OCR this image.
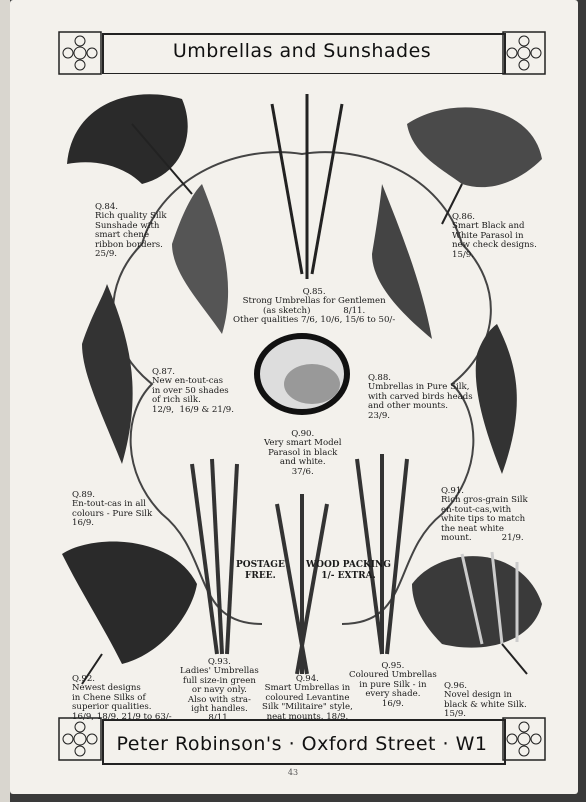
Umbrellas and Sunshades
Q.84.
Rich quality Silk
Sunshade with
smart chené
ribbon borders.
25/9.
Q.85.
Strong Umbrellas for Gentlemen
(as sketch)            8/11.
Other qualities 7/6, 10/6, 15/6 to 50/-
Q.86.
Smart Black and
White Parasol in
new check designs.
15/9.
Q.87.
New en-tout-cas
in over 50 shades
of rich silk.
12/9,  16/9 & 21/9.
Q.88.
Umbrellas in Pure Silk,
with carved birds heads
and other mounts.
23/9.
Q.89.
En-tout-cas in all
colours - Pure Silk
16/9.
Q.90.
Very smart Model
Parasol in black
and white.
37/6.
Q.91.
Rich gros-grain Silk
en-tout-cas,with
white tips to match
the neat white
mount.           21/9.
Q.92.
Newest designs
in Chene Silks of
superior qualities.
16/9, 18/9, 21/9 to 63/-
Q.93.
Ladies' Umbrellas
full size-in green
or navy only.
Also with stra-
ight handles.
8/11.
Q.94.
Smart Umbrellas in
coloured Levantine
Silk "Militaire" style,
neat mounts. 18/9.
Q.95.
Coloured Umbrellas
in pure Silk - in
every shade.
16/9.
Q.96.
Novel design in
black & white Silk.
15/9.
POSTAGE
FREE.
WOOD PACKING
1/- EXTRA.
Peter Robinson's · Oxford Street · W1
43
